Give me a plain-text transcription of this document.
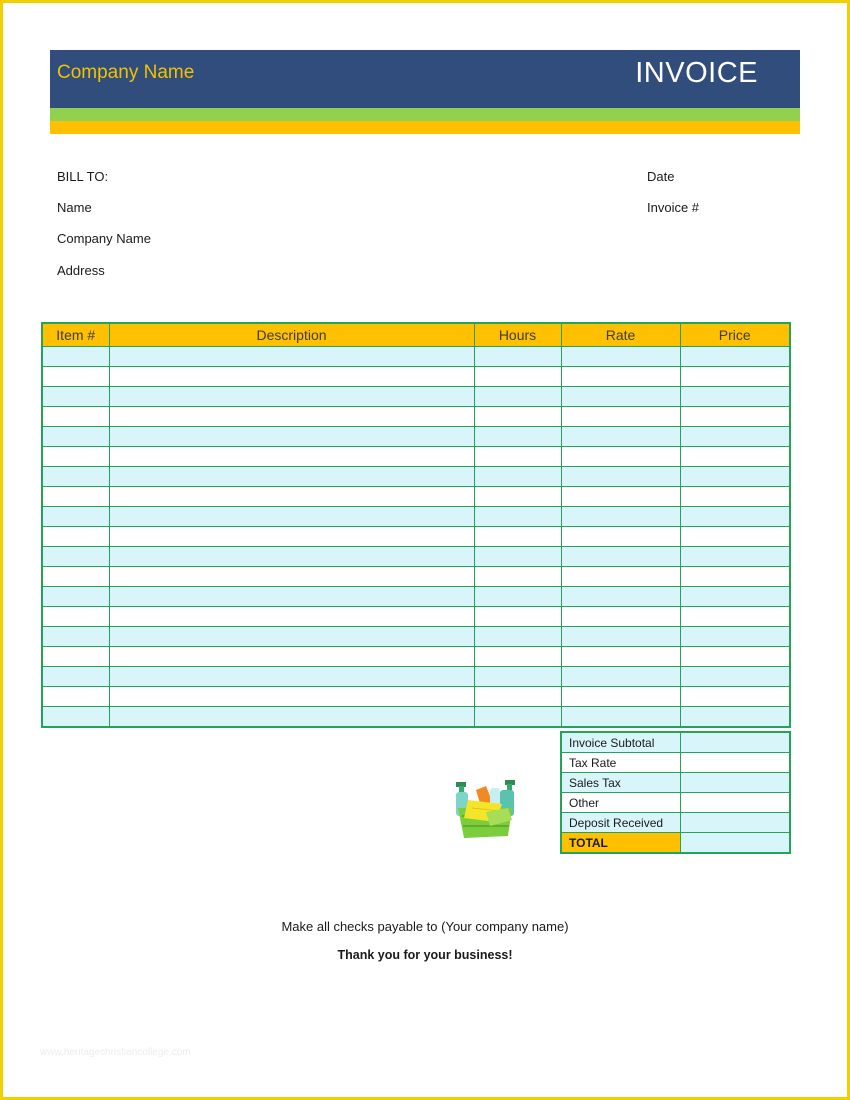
Company Name	INVOICE
BILL TO:
Name
Company Name
Address
Date
Invoice #
Item #	Description	Hours	Rate	Price

Invoice Subtotal	
Tax Rate	
Sales Tax	
Other	
Deposit Received	
TOTAL	
Make all checks payable to (Your company name)
Thank you for your business!
www.heritagechristiancollege.com
